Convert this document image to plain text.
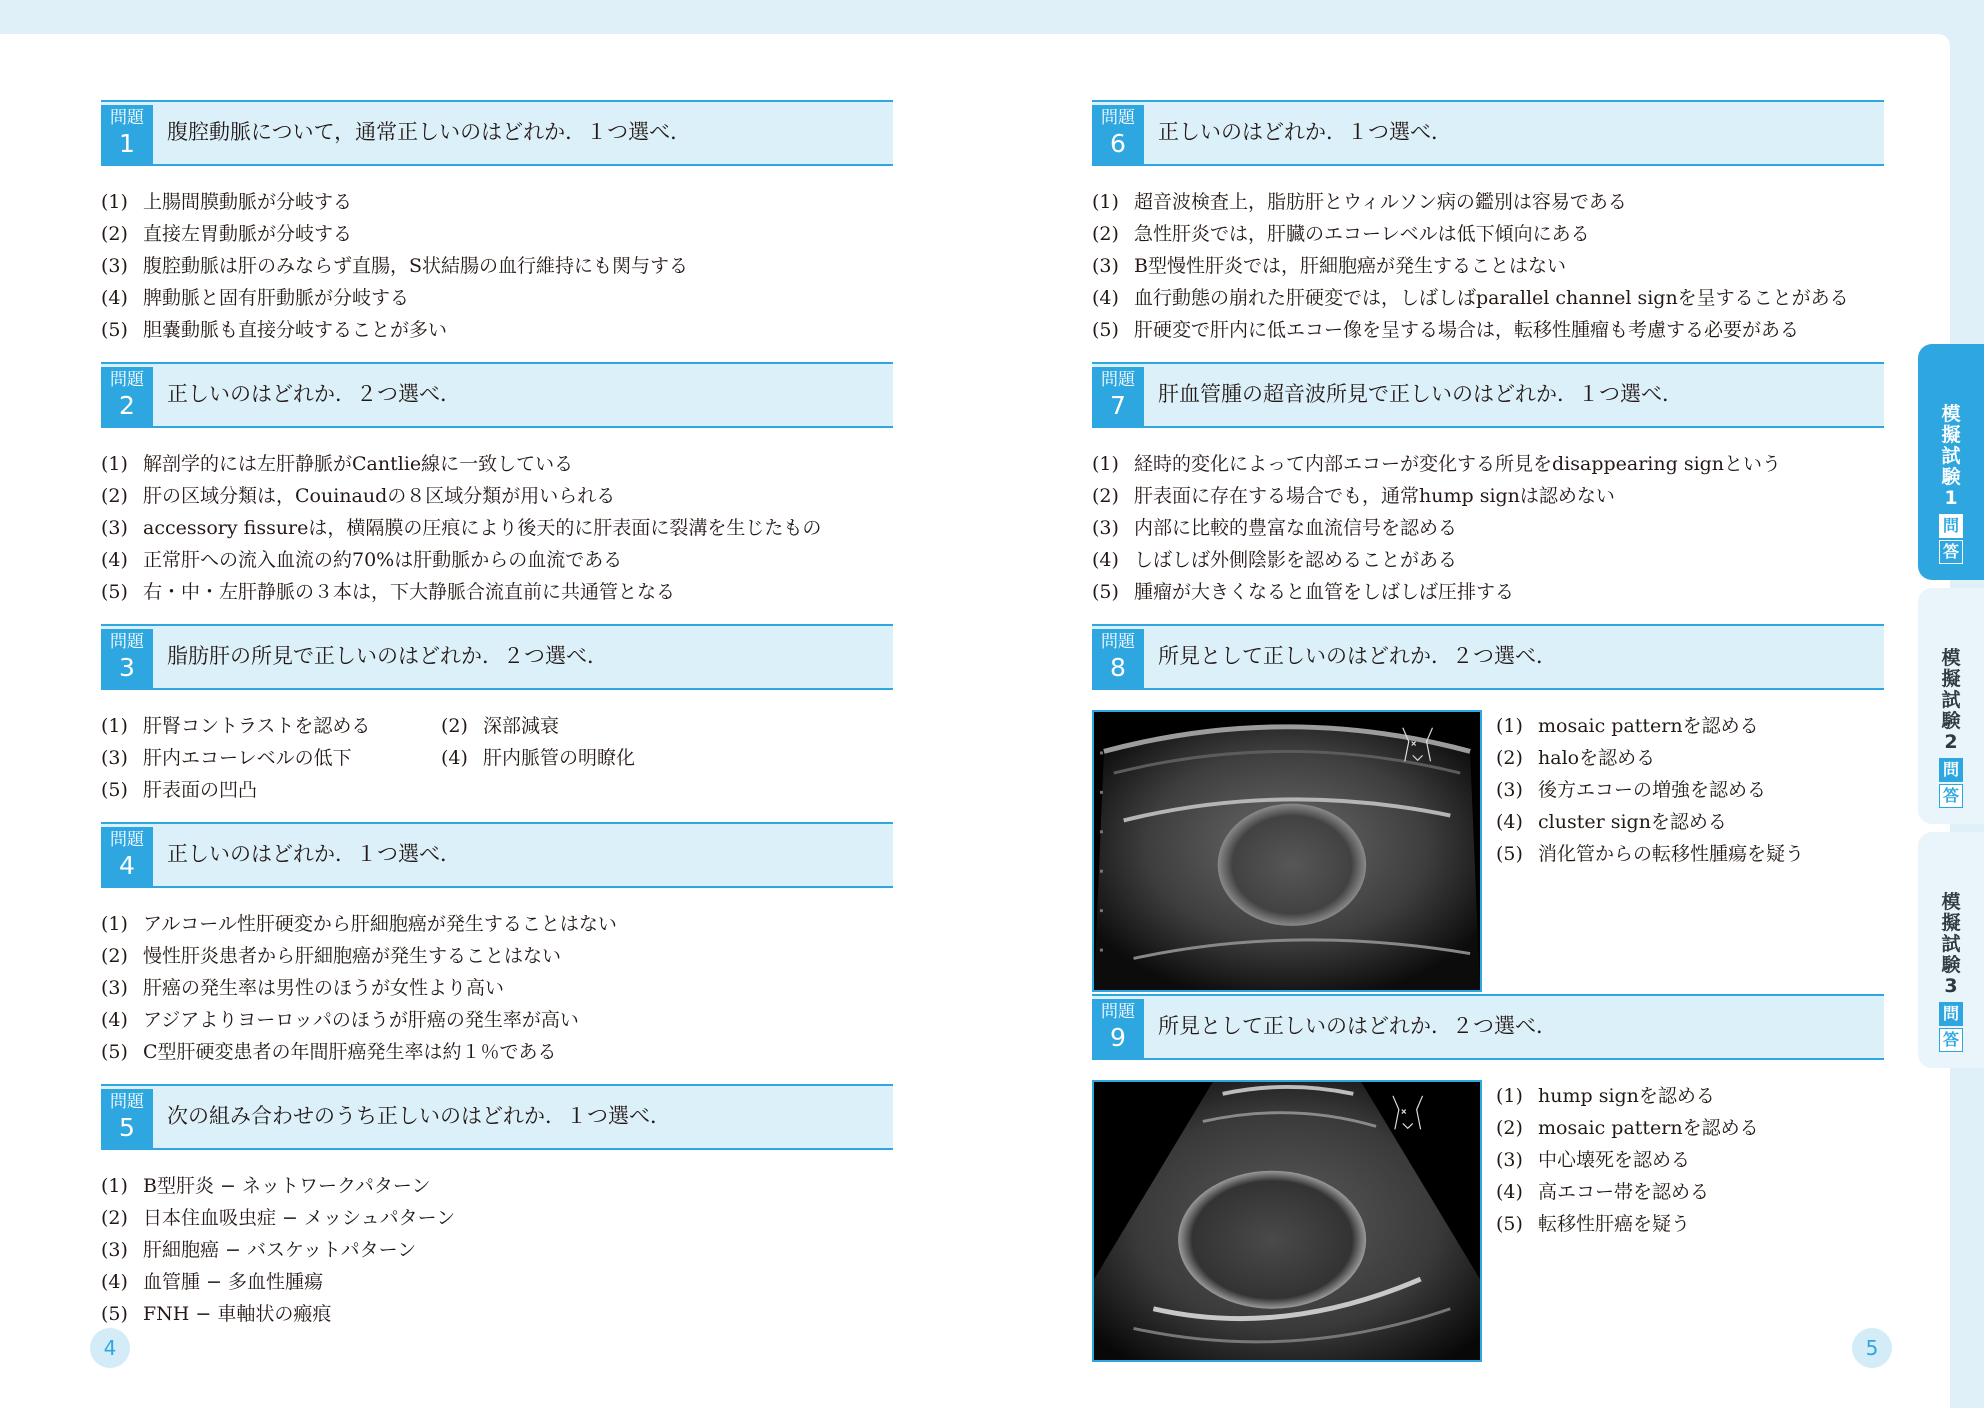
問題
1	腹腔動脈について，通常正しいのはどれか．１つ選べ．
(1) 上腸間膜動脈が分岐する
(2) 直接左胃動脈が分岐する
(3) 腹腔動脈は肝のみならず直腸，S状結腸の血行維持にも関与する
(4) 脾動脈と固有肝動脈が分岐する
(5) 胆嚢動脈も直接分岐することが多い
問題
2	正しいのはどれか．２つ選べ．
(1) 解剖学的には左肝静脈がCantlie線に一致している
(2) 肝の区域分類は，Couinaudの８区域分類が用いられる
(3) accessory fissureは，横隔膜の圧痕により後天的に肝表面に裂溝を生じたもの
(4) 正常肝への流入血流の約70%は肝動脈からの血流である
(5) 右・中・左肝静脈の３本は，下大静脈合流直前に共通管となる
問題
3	脂肪肝の所見で正しいのはどれか．２つ選べ．
(1) 肝腎コントラストを認める	(2) 深部減衰
(3) 肝内エコーレベルの低下	(4) 肝内脈管の明瞭化
(5) 肝表面の凹凸
問題
4	正しいのはどれか．１つ選べ．
(1) アルコール性肝硬変から肝細胞癌が発生することはない
(2) 慢性肝炎患者から肝細胞癌が発生することはない
(3) 肝癌の発生率は男性のほうが女性より高い
(4) アジアよりヨーロッパのほうが肝癌の発生率が高い
(5) C型肝硬変患者の年間肝癌発生率は約１％である
問題
5	次の組み合わせのうち正しいのはどれか．１つ選べ．
(1) B型肝炎 − ネットワークパターン
(2) 日本住血吸虫症 − メッシュパターン
(3) 肝細胞癌 − バスケットパターン
(4) 血管腫 − 多血性腫瘍
(5) FNH − 車軸状の瘢痕
問題
6	正しいのはどれか．１つ選べ．
(1) 超音波検査上，脂肪肝とウィルソン病の鑑別は容易である
(2) 急性肝炎では，肝臓のエコーレベルは低下傾向にある
(3) B型慢性肝炎では，肝細胞癌が発生することはない
(4) 血行動態の崩れた肝硬変では，しばしばparallel channel signを呈することがある
(5) 肝硬変で肝内に低エコー像を呈する場合は，転移性腫瘤も考慮する必要がある
問題
7	肝血管腫の超音波所見で正しいのはどれか．１つ選べ．
(1) 経時的変化によって内部エコーが変化する所見をdisappearing signという
(2) 肝表面に存在する場合でも，通常hump signは認めない
(3) 内部に比較的豊富な血流信号を認める
(4) しばしば外側陰影を認めることがある
(5) 腫瘤が大きくなると血管をしばしば圧排する
問題
8	所見として正しいのはどれか．２つ選べ．
(1) mosaic patternを認める
(2) haloを認める
(3) 後方エコーの増強を認める
(4) cluster signを認める
(5) 消化管からの転移性腫瘍を疑う
問題
9	所見として正しいのはどれか．２つ選べ．
(1) hump signを認める
(2) mosaic patternを認める
(3) 中心壊死を認める
(4) 高エコー帯を認める
(5) 転移性肝癌を疑う
4	5
模
擬
試
験
1
問
答
模
擬
試
験
2
問
答
模
擬
試
験
3
問
答
